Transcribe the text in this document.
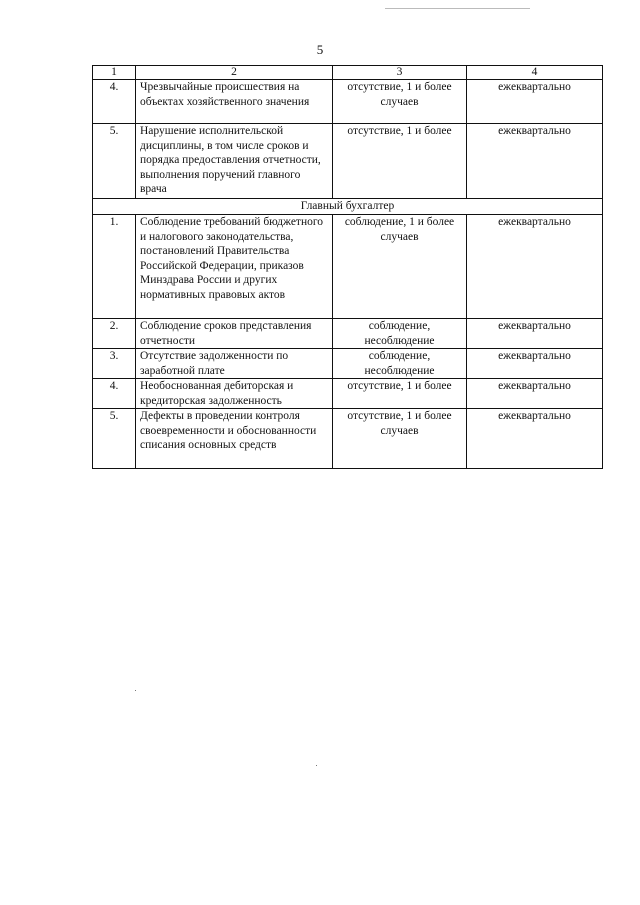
5
1	2	3	4
4.	Чрезвычайные происшествия на объектах хозяйственного значения	отсутствие, 1 и более случаев	ежеквартально
5.	Нарушение исполнительской дисциплины, в том числе сроков и порядка предоставления отчетности, выполнения поручений главного врача	отсутствие, 1 и более	ежеквартально
Главный бухгалтер			
1.	Соблюдение требований бюджетного и налогового законодательства, постановлений Правительства Российской Федерации, приказов Минздрава России и других нормативных правовых актов	соблюдение, 1 и более случаев	ежеквартально
2.	Соблюдение сроков представления отчетности	соблюдение, несоблюдение	ежеквартально
3.	Отсутствие задолженности по заработной плате	соблюдение, несоблюдение	ежеквартально
4.	Необоснованная дебиторская и кредиторская задолженность	отсутствие, 1 и более	ежеквартально
5.	Дефекты в проведении контроля своевременности и обоснованности списания основных средств	отсутствие, 1 и более случаев	ежеквартально
